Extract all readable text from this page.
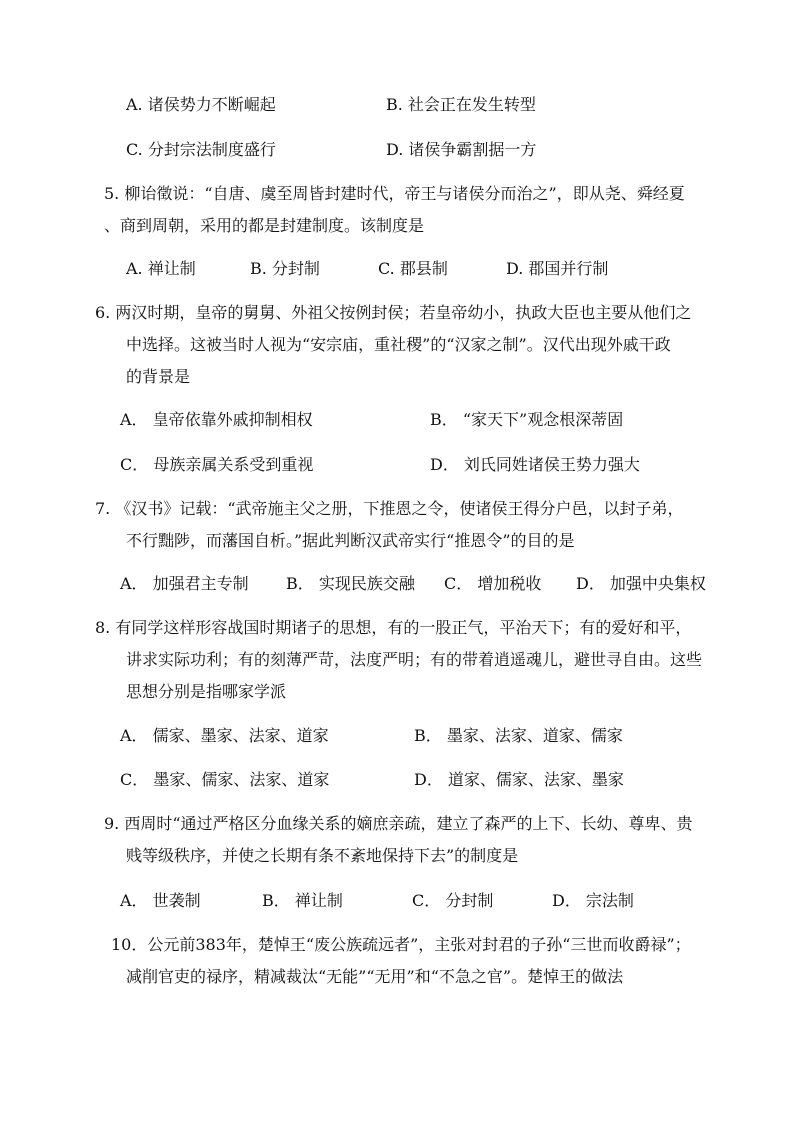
A. 诸侯势力不断崛起	B. 社会正在发生转型
C. 分封宗法制度盛行	D. 诸侯争霸割据一方
5. 柳诒徵说：“自唐、虞至周皆封建时代，帝王与诸侯分而治之”，即从尧、舜经夏
、商到周朝，采用的都是封建制度。该制度是
A. 禅让制	B. 分封制	C. 郡县制	D. 郡国并行制
6. 两汉时期，皇帝的舅舅、外祖父按例封侯；若皇帝幼小，执政大臣也主要从他们之
中选择。这被当时人视为“安宗庙，重社稷”的“汉家之制”。汉代出现外戚干政
的背景是
A． 皇帝依靠外戚抑制相权	B． “家天下”观念根深蒂固
C． 母族亲属关系受到重视	D． 刘氏同姓诸侯王势力强大
7. 《汉书》记载：“武帝施主父之册，下推恩之令，使诸侯王得分户邑，以封子弟，
不行黜陟，而藩国自析。”据此判断汉武帝实行“推恩令”的目的是
A． 加强君主专制 B． 实现民族交融 C． 增加税收 D． 加强中央集权
8. 有同学这样形容战国时期诸子的思想，有的一股正气，平治天下；有的爱好和平，
讲求实际功利；有的刻薄严苛，法度严明；有的带着逍遥魂儿，避世寻自由。这些
思想分别是指哪家学派
A． 儒家、墨家、法家、道家	B． 墨家、法家、道家、儒家
C． 墨家、儒家、法家、道家	D． 道家、儒家、法家、墨家
9. 西周时“通过严格区分血缘关系的嫡庶亲疏，建立了森严的上下、长幼、尊卑、贵
贱等级秩序，并使之长期有条不紊地保持下去”的制度是
A． 世袭制	B． 禅让制	C． 分封制	D． 宗法制
10．公元前383年，楚悼王“废公族疏远者”，主张对封君的子孙“三世而收爵禄”；
减削官吏的禄序，精减裁汰“无能”“无用”和“不急之官”。楚悼王的做法
